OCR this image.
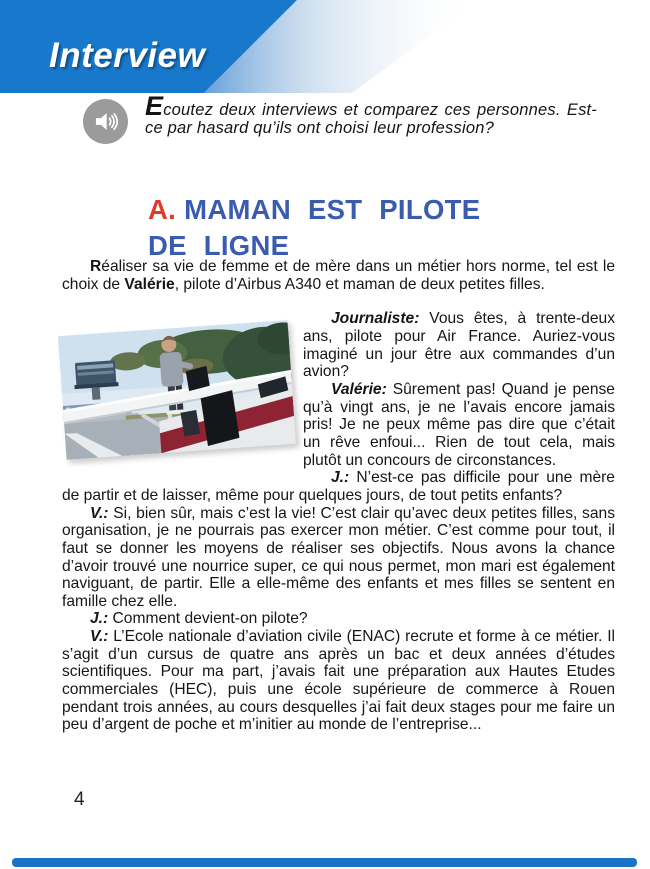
Interview
Ecoutez deux interviews et comparez ces personnes. Est-ce par hasard qu’ils ont choisi leur profession?
A. MAMAN EST PILOTE
DE LIGNE

Réaliser sa vie de femme et de mère dans un métier hors norme, tel est le choix de Valérie, pilote d’Airbus A340 et maman de deux petites filles.

Journaliste: Vous êtes, à trente-deux ans, pilote pour Air France. Auriez-vous imaginé un jour être aux commandes d’un avion?

Valérie: Sûrement pas! Quand je pense qu’à vingt ans, je ne l’avais encore jamais pris! Je ne peux même pas dire que c’était un rêve enfoui... Rien de tout cela, mais plutôt un concours de circonstances.

J.: N’est-ce pas difficile pour une mère de partir et de laisser, même pour quelques jours, de tout petits enfants?

V.: Si, bien sûr, mais c’est la vie! C’est clair qu’avec deux petites filles, sans organisation, je ne pourrais pas exercer mon métier. C’est comme pour tout, il faut se donner les moyens de réaliser ses objectifs. Nous avons la chance d’avoir trouvé une nourrice super, ce qui nous permet, mon mari est également naviguant, de partir. Elle a elle-même des enfants et mes filles se sentent en famille chez elle.

J.: Comment devient-on pilote?

V.: L’Ecole nationale d’aviation civile (ENAC) recrute et forme à ce métier. Il s’agit d’un cursus de quatre ans après un bac et deux années d’études scientifiques. Pour ma part, j’avais fait une préparation aux Hautes Etudes commerciales (HEC), puis une école supérieure de commerce à Rouen pendant trois années, au cours desquelles j’ai fait deux stages pour me faire un peu d’argent de poche et m’initier au monde de l’entreprise...

4
